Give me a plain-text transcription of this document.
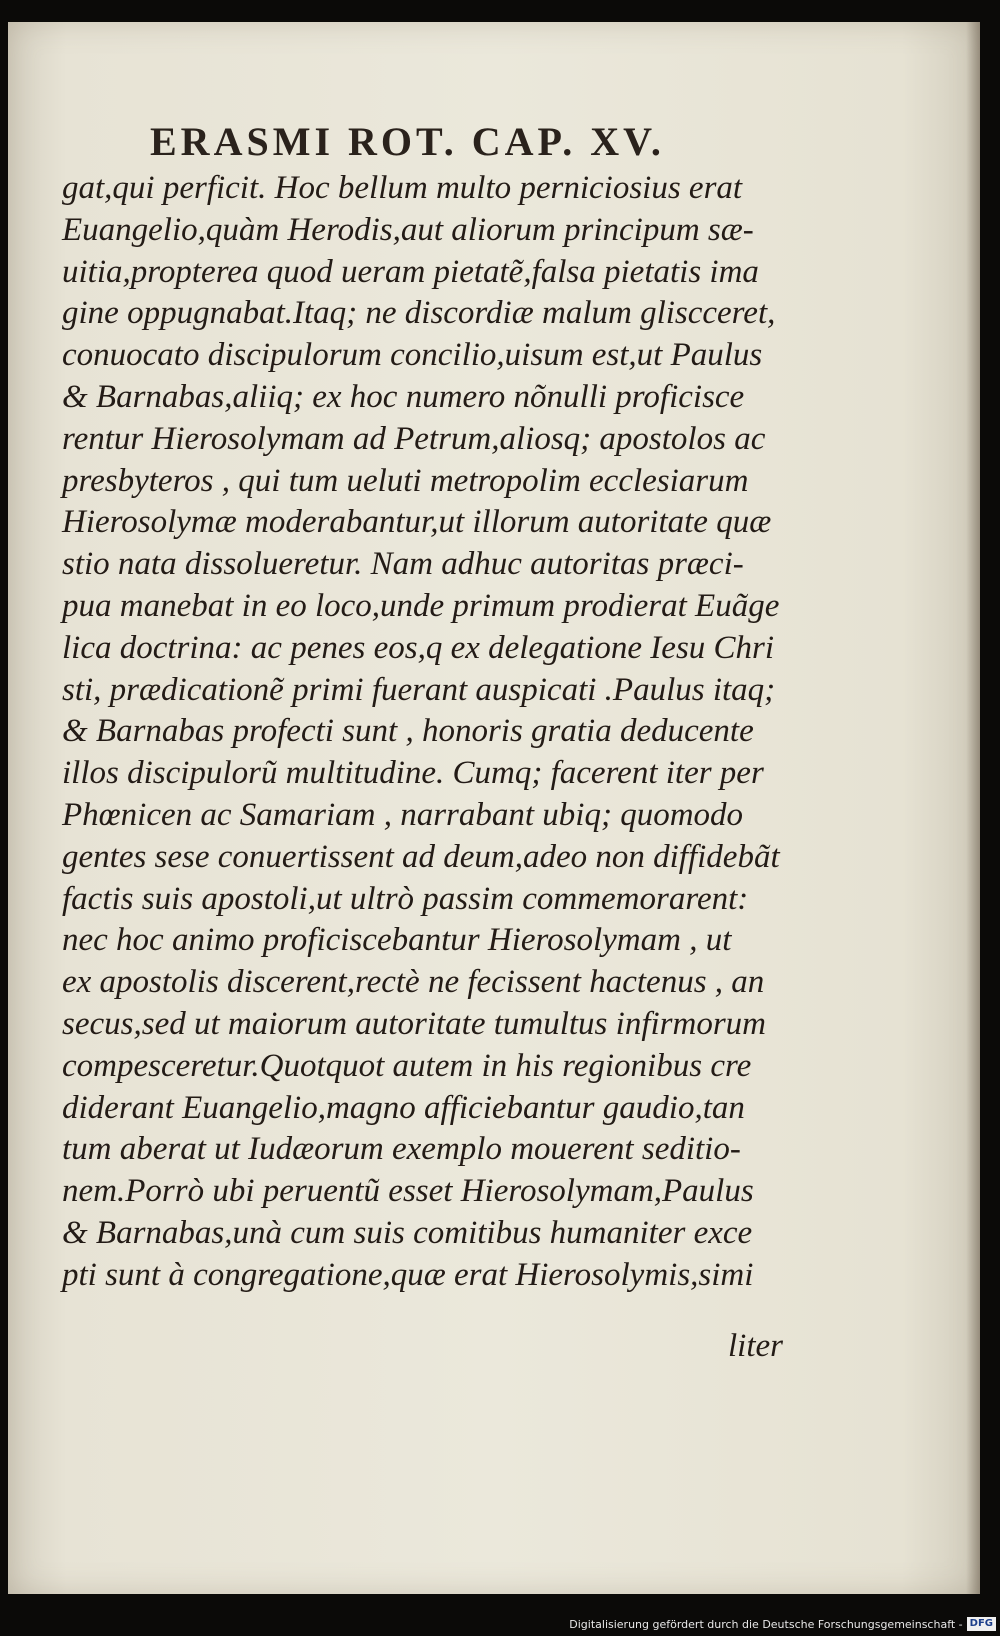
ERASMI ROT. CAP. XV.
gat,qui perficit. Hoc bellum multo perniciosius erat
Euangelio,quàm Herodis,aut aliorum principum sæ-
uitia,propterea quod ueram pietatẽ,falsa pietatis ima
gine oppugnabat.Itaq; ne discordiæ malum gliscceret,
conuocato discipulorum concilio,uisum est,ut Paulus
& Barnabas,aliiq; ex hoc numero nõnulli proficisce
rentur Hierosolymam ad Petrum,aliosq; apostolos ac
presbyteros , qui tum ueluti metropolim ecclesiarum
Hierosolymæ moderabantur,ut illorum autoritate quæ
stio nata dissolueretur. Nam adhuc autoritas præci-
pua manebat in eo loco,unde primum prodierat Euãge
lica doctrina: ac penes eos,q ex delegatione Iesu Chri
sti, prædicationẽ primi fuerant auspicati .Paulus itaq;
& Barnabas profecti sunt , honoris gratia deducente
illos discipulorũ multitudine. Cumq; facerent iter per
Phœnicen ac Samariam , narrabant ubiq; quomodo
gentes sese conuertissent ad deum,adeo non diffidebãt
factis suis apostoli,ut ultrò passim commemorarent:
nec hoc animo proficiscebantur Hierosolymam , ut
ex apostolis discerent,rectè ne fecissent hactenus , an
secus,sed ut maiorum autoritate tumultus infirmorum
compesceretur.Quotquot autem in his regionibus cre
diderant Euangelio,magno afficiebantur gaudio,tan
tum aberat ut Iudæorum exemplo mouerent seditio-
nem.Porrò ubi peruentũ esset Hierosolymam,Paulus
& Barnabas,unà cum suis comitibus humaniter exce
pti sunt à congregatione,quæ erat Hierosolymis,simi
liter
Digitalisierung gefördert durch die Deutsche Forschungsgemeinschaft - DFG
